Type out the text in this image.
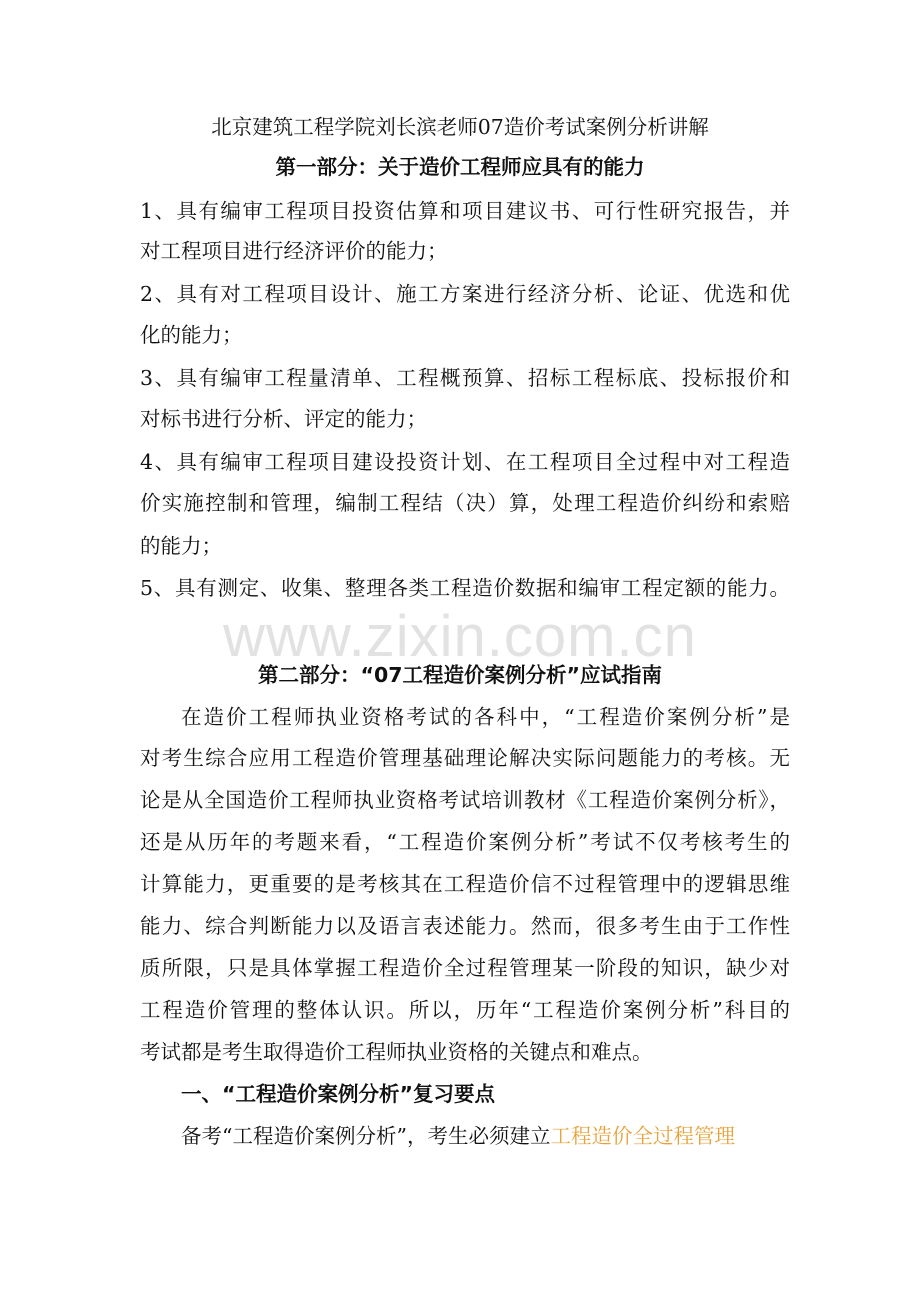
北京建筑工程学院刘长滨老师07造价考试案例分析讲解
第一部分：关于造价工程师应具有的能力
1、具有编审工程项目投资估算和项目建议书、可行性研究报告，并
对工程项目进行经济评价的能力；
2、具有对工程项目设计、施工方案进行经济分析、论证、优选和优
化的能力；
3、具有编审工程量清单、工程概预算、招标工程标底、投标报价和
对标书进行分析、评定的能力；
4、具有编审工程项目建设投资计划、在工程项目全过程中对工程造
价实施控制和管理，编制工程结（决）算，处理工程造价纠纷和索赔
的能力；
5、具有测定、收集、整理各类工程造价数据和编审工程定额的能力。
www.zixin.com.cn
第二部分：“07工程造价案例分析”应试指南
在造价工程师执业资格考试的各科中，“工程造价案例分析”是
对考生综合应用工程造价管理基础理论解决实际问题能力的考核。无
论是从全国造价工程师执业资格考试培训教材《工程造价案例分析》，
还是从历年的考题来看，“工程造价案例分析”考试不仅考核考生的
计算能力，更重要的是考核其在工程造价信不过程管理中的逻辑思维
能力、综合判断能力以及语言表述能力。然而，很多考生由于工作性
质所限，只是具体掌握工程造价全过程管理某一阶段的知识，缺少对
工程造价管理的整体认识。所以，历年“工程造价案例分析”科目的
考试都是考生取得造价工程师执业资格的关键点和难点。
一、“工程造价案例分析”复习要点
备考“工程造价案例分析”，考生必须建立工程造价全过程管理
